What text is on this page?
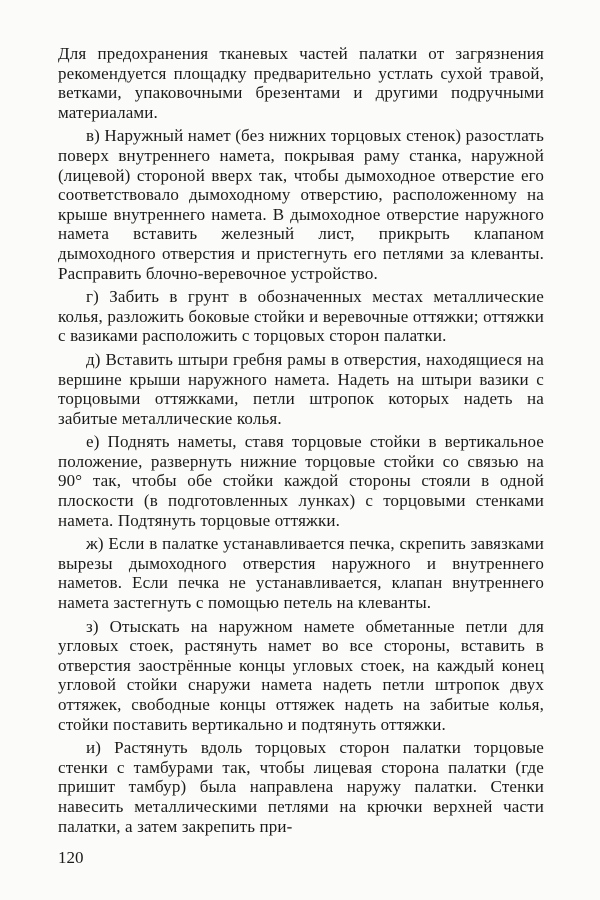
Для предохранения тканевых частей палатки от загрязнения рекомендуется площадку предварительно устлать сухой травой, ветками, упаковочными брезентами и другими подручными материалами.

в) Наружный намет (без нижних торцовых стенок) разостлать поверх внутреннего намета, покрывая раму станка, наружной (лицевой) стороной вверх так, чтобы дымоходное отверстие его соответствовало дымоходному отверстию, расположенному на крыше внутреннего намета. В дымоходное отверстие наружного намета вставить железный лист, прикрыть клапаном дымоходного отверстия и пристегнуть его петлями за клеванты. Расправить блочно-веревочное устройство.

г) Забить в грунт в обозначенных местах металлические колья, разложить боковые стойки и веревочные оттяжки; оттяжки с вазиками расположить с торцовых сторон палатки.

д) Вставить штыри гребня рамы в отверстия, находящиеся на вершине крыши наружного намета. Надеть на штыри вазики с торцовыми оттяжками, петли штропок которых надеть на забитые металлические колья.

е) Поднять наметы, ставя торцовые стойки в вертикальное положение, развернуть нижние торцовые стойки со связью на 90° так, чтобы обе стойки каждой стороны стояли в одной плоскости (в подготовленных лунках) с торцовыми стенками намета. Подтянуть торцовые оттяжки.

ж) Если в палатке устанавливается печка, скрепить завязками вырезы дымоходного отверстия наружного и внутреннего наметов. Если печка не устанавливается, клапан внутреннего намета застегнуть с помощью петель на клеванты.

з) Отыскать на наружном намете обметанные петли для угловых стоек, растянуть намет во все стороны, вставить в отверстия заострённые концы угловых стоек, на каждый конец угловой стойки снаружи намета надеть петли штропок двух оттяжек, свободные концы оттяжек надеть на забитые колья, стойки поставить вертикально и подтянуть оттяжки.

и) Растянуть вдоль торцовых сторон палатки торцовые стенки с тамбурами так, чтобы лицевая сторона палатки (где пришит тамбур) была направлена наружу палатки. Стенки навесить металлическими петлями на крючки верхней части палатки, а затем закрепить при-

120
